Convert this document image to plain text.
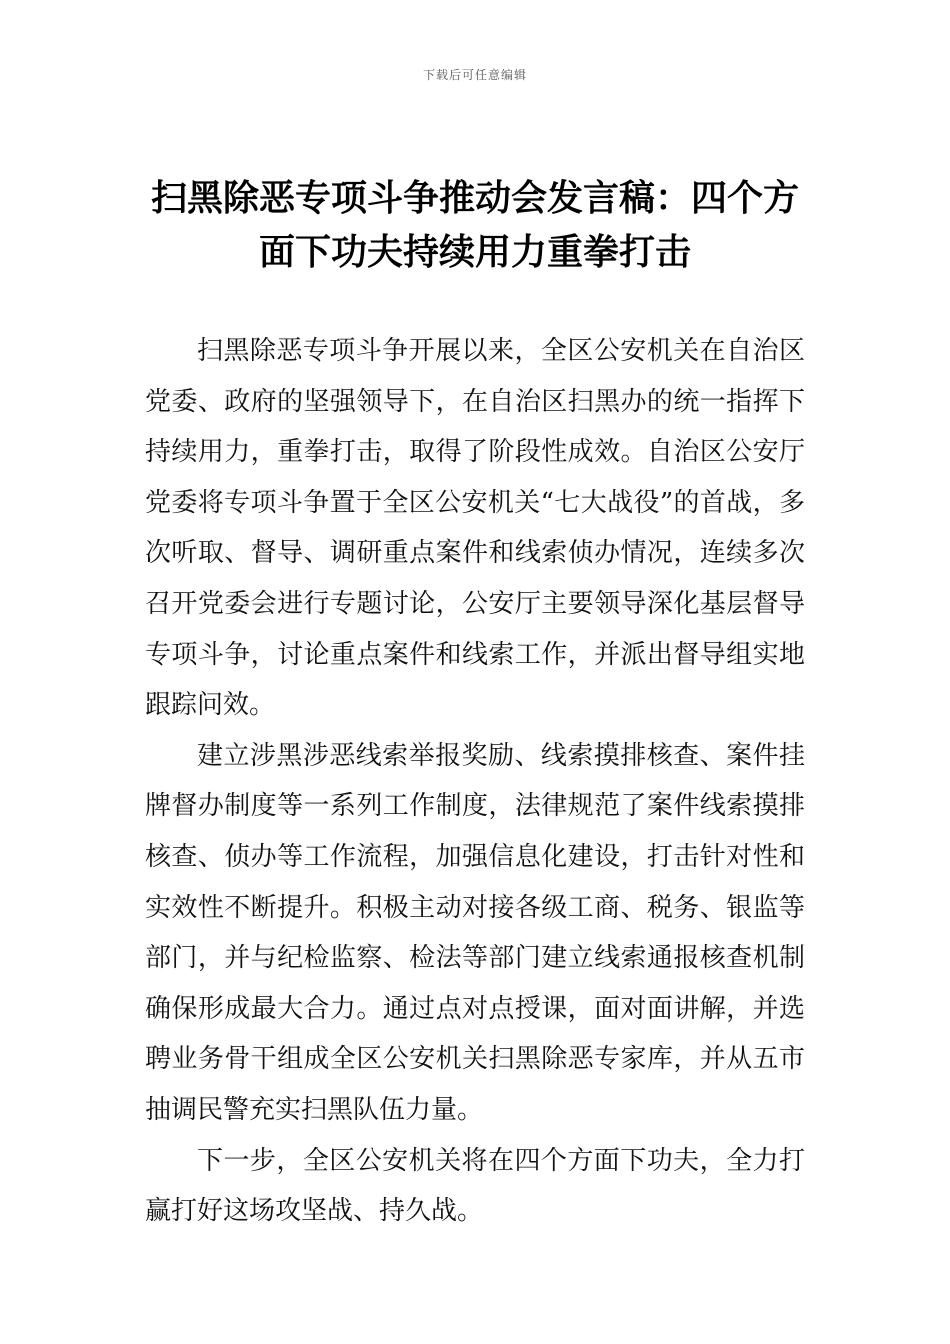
下载后可任意编辑
扫黑除恶专项斗争推动会发言稿：四个方
面下功夫持续用力重拳打击

扫黑除恶专项斗争开展以来，全区公安机关在自治区党委、政府的坚强领导下，在自治区扫黑办的统一指挥下持续用力，重拳打击，取得了阶段性成效。自治区公安厅党委将专项斗争置于全区公安机关“七大战役”的首战，多次听取、督导、调研重点案件和线索侦办情况，连续多次召开党委会进行专题讨论，公安厅主要领导深化基层督导专项斗争，讨论重点案件和线索工作，并派出督导组实地跟踪问效。

建立涉黑涉恶线索举报奖励、线索摸排核查、案件挂牌督办制度等一系列工作制度，法律规范了案件线索摸排核查、侦办等工作流程，加强信息化建设，打击针对性和实效性不断提升。积极主动对接各级工商、税务、银监等部门，并与纪检监察、检法等部门建立线索通报核查机制确保形成最大合力。通过点对点授课，面对面讲解，并选聘业务骨干组成全区公安机关扫黑除恶专家库，并从五市抽调民警充实扫黑队伍力量。

下一步，全区公安机关将在四个方面下功夫，全力打赢打好这场攻坚战、持久战。
